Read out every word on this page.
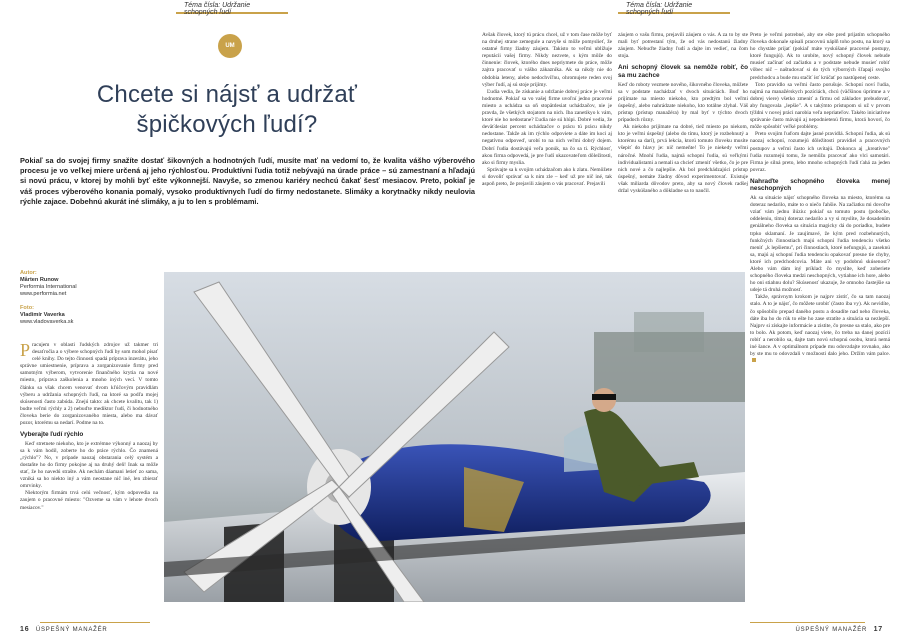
Téma čísla: Udržanie schopných ľudí
Téma čísla: Udržanie schopných ľudí
UM
Chcete si nájsť a udržať špičkových ľudí?
Pokiaľ sa do svojej firmy snažíte dostať šikovných a hodnotných ľudí, musíte mať na vedomí to, že kvalita vášho výberového procesu je vo veľkej miere určená aj jeho rýchlosťou. Produktívni ľudia totiž nebývajú na úrade práce – sú zamestnaní a hľadajú si novú prácu, v ktorej by mohli byť ešte výkonnejší. Navyše, so zmenou kariéry nechcú čakať šesť mesiacov. Preto, pokiaľ je váš proces výberového konania pomalý, vysoko produktívnych ľudí do firmy nedostanete. Slimáky a korytnačky nikdy neuloviа rýchle zajace. Dobehnú akurát iné slimáky, a ju to len s problémami.
Autor:
Mårten Runow
Performia International
www.performia.net
Foto:
Vladimír Vaverka
www.vladovaverka.sk

Pracujem v oblasti ľudských zdrojov už takmer tri desaťročia a o výbere schopných ľudí by som mohol písať celé knihy. Do tejto činnosti spadá príprava inzerátu, jeho správne umiestnenie, príprava a zorganizovanie firmy pred samotným výberom, vytvorenie finančného krytia na nové miesto, príprava zaškolenia a mnoho iných vecí. V tomto článku sa však chcem venovať dvom kľúčovým pravidlám výberu a udržania schopných ľudí, na ktoré sa podľa mojej skúsenosti často zabúda. Znejú takto: ak chcete kvalitu, tak 1) budte veľmi rýchly a 2) nebuďte mediktor ľudí, či hodnotného človeka berie do zorganizovaného miesta, alebo ma dávať pozor, ktorému sa nedarí. Podme na to.

Vyberajte ľudí rýchlo

Keď stretnete niekoho, kto je extrémne výkonný a naozaj by sa k vám hodil, zoberte ho do práce rýchlo. Čo znamená „rýchlo"? No, v prípade naozaj obstarania celý systém a dostaňte ho do firmy pokojne aj na druhý deň! Inak sa môže stať, že ho navedú strašte. Ak nechám dáamani letieť zo sama, vzniká sa ho niekto iný a vám neostane nič iné, len zbierať omrvinky.

Niektorým firmám trvá celú večnosť, kým odpovedia na zaujem o pracovné miesto: "Ozveme sa vám v lehote dvoch mesiacov."

Avšak človek, ktorý tú prácu chcel, už v tom čase môže byť na druhej strane zemegule a navyše si môže pomyslieť, že ostatné firmy žiadny záujem. Takisto to veľmi ublížuje reputácii vašej firmy. Nikdy nezvete, s kým môže do činnenie: človek, ktorého dnes nepriymete do práce, môže zajtra pracovať u vášho zákazníka. Ak sa nikdy nie do obdobia leteny, alebo nedochvíľnu, ohromujete reden svoj výber ľudí, aj sú stoje prijímy.

Ľudia vedia, že získanie a udržanie dobrej práce je veľmi hodnotné. Pokiaľ sa vo vašej firme uvoľní jedno pracovné miesto a uchádza sa oň stopätdesiat uchádzačov, nie je pravda, že všetkých stojatom na nich. Iba zanetikyo k vám, ktoré nie ho nedostane? Ľudia nie sú hlúpi. Dobré vedia, že deväťdesiat percent uchádzačov o prácu tú prácu nikdy nedostane. Takže ak im rýchlo odpoviete a dáte im koci aj negatívnu odpoveď, urobí to na nich veľmi dobrý dojem. Dobrí ľudia dostávajú veľa ponúk, na čo sa ti. Rýchlosť, akou firma odpovedá, je pre ľudí ukazovateľom dôležitosti, ako si firmy myslia.

Správajte sa k svojim uchádzačom ako k zlatu. Nemôžete si dovoliť správať sa k nim zle – keď už pre nič iné, tak aspoň preto, že prejavili záujem o vás pracovať. Prejavili

záujem o vašu firmu, prejavili záujem o vás. A za to by ste mali byť potrestaní tým, že od vás nedostanú žiadny záujem. Nebuďte žiadny ľudí a dajte im vedieť, na čom stoja.

Ani schopný človek sa nemôže robiť, čo sa mu zachce

Keď do roboty vezmete nového, šikovného človeka, môžete sa v podstate nachádzať v dvoch situáciách. Buď ho prijímate na miesto niekoho, kto predtým bol veľmi úspešný, alebo nahrádzate niekoho, kto totálne zlyhal. Váš prístup (prístup manažéra) by mal byť v týchto dvoch prípadoch rôzny.

Ak niekoho prijímate na dobré, tiež miesto po niekom, kto je veľmi úspešný (alebo do tímu, ktorý je rozbehnutý a ktorému sa darí), prvá lekcia, ktorú tomuto človeku musíte všepiť do hlavy je: nič nemeňte! To je niekedy veľmi náročné. Mnohí ľudia, najmä schopní ľudia, sú veľkými individualistami a nemali sa chcieť zmeniť všetko, čo je pre nich nové a čo najlepšie. Ak bol predchádzajúci prístup úspešný, nemáte žiadny dôvod experimentovať. Existuje však miliarda dôvodov preto, aby sa nový človek radšej držal vyskúšaného a dôkladne sa to naučil.

Preto je veľmi potrebné, aby ste ešte pred prijatím schopného človeka dokonale spísali pracovnú náplň toho postu, na ktorý sa ho chystáte prijať (pokiaľ máte vyskúšané pracovné postupy, ktoré fungujú). Ak to urobíte, nový schopný človek nebude musieť začínať od začiatku a v podstate nebude musieť robiť vôbec nič – naštudovať si do tých výborných šľapají svojho predchodcu a bude mu stačiť ísť krúčať po nastúpenej ceste.

Toto pravidlo sa veľmi často porušuje. Schopní noví ľudia, najmä na manažérskych pozíciách, chcú (väčšinou úprimne a v dobrej viere) všetko zmeniť a firmu od základov prebudovať, aby fungovala „lepšie". A s takýmto prístupom si už v prvom týždni v novej práci narobia veľa nepriateľov. Takéto iniciatívne správanie často mávajú aj nepodnietenú firmu, ktorá hovorí, čo môže spôsobiť veľké problémy.

Preto svojim ľuďom dajte jasné pravidlá. Schopní ľudia, ak sú naozaj schopní, rozumejú dôležitosti pravidiel a pracovných postupov a veľmi často ich uvítajú. Dokonca aj „kreatívne" ľudia rozumejú tomu, že nemôžu pracovať ako vlci samotári. Firma je silná preto, lebo mnoho schopných ľudí ťahá za jeden povraz.

Nahraďte schopného človeka menej neschopných

Ak sa situácie nájsť schopného človeka na miesto, ktorému sa doteraz nedarilo, máte to o niečo ľahšie. Na začiatku mi dovoľte vziať vám jednu ilúziu: pokiaľ sa tomuto postu (pobočke, oddeleniu, tímu) doteraz nedarilo a vy si myslíte, že dosadením geniálneho človeka sa situácia magicky dá do poriadku, budete trpko sklamaní. Je zaujímavé, že kým pred rozbehnutých, funkčných činnostiach majú schopní ľudia tendenciu všetko meniť „k lepšiemu", pri činnostiach, ktoré nefungujú, a zaseknú sa, majú aj schopní ľudia tendenciu opakovať presne tie chyby, ktoré ich predchodcovia. Máte ani vy podobnú skúsenosť? Alebo vám dám iný príklad: čo myslíte, keď zoberiete schopného človeka medzi neschopných, vytiahne ich hore, alebo ho oni stiahnu dolu? Skúsenosť ukazuje, že omnoho častejšie sa udeje tá druhá možnosť.

Takže, správnym krokom je najprv zistiť, čo sa tam naozaj stalo. A to je nájsť, čo môžete urobiť (často iba vy). Ak nevidíte, čo spôsobilo prepad daného postu a dosadíte nad neho človeka, dáte iba ho do rúk to ešte ho zase stratíte a situácia sa nezlepší. Najprv si získajte informácie a zistite, čo presne sa stalo, ako pre to bolo. Ak potom, keď naozaj viete, čo treba na danej pozícii robiť a nerobilo sa, dajte tam novú schopnú osobu, ktorá nemá iné šance. A v optimálnom prípade mu odovzdajte rovnako, ako by ste mu to odovzdali v možnosti dalo jeho. Držím vám palce.

16 ÚSPEŠNÝ MANAŽÉR	ÚSPEŠNÝ MANAŽÉR 17
